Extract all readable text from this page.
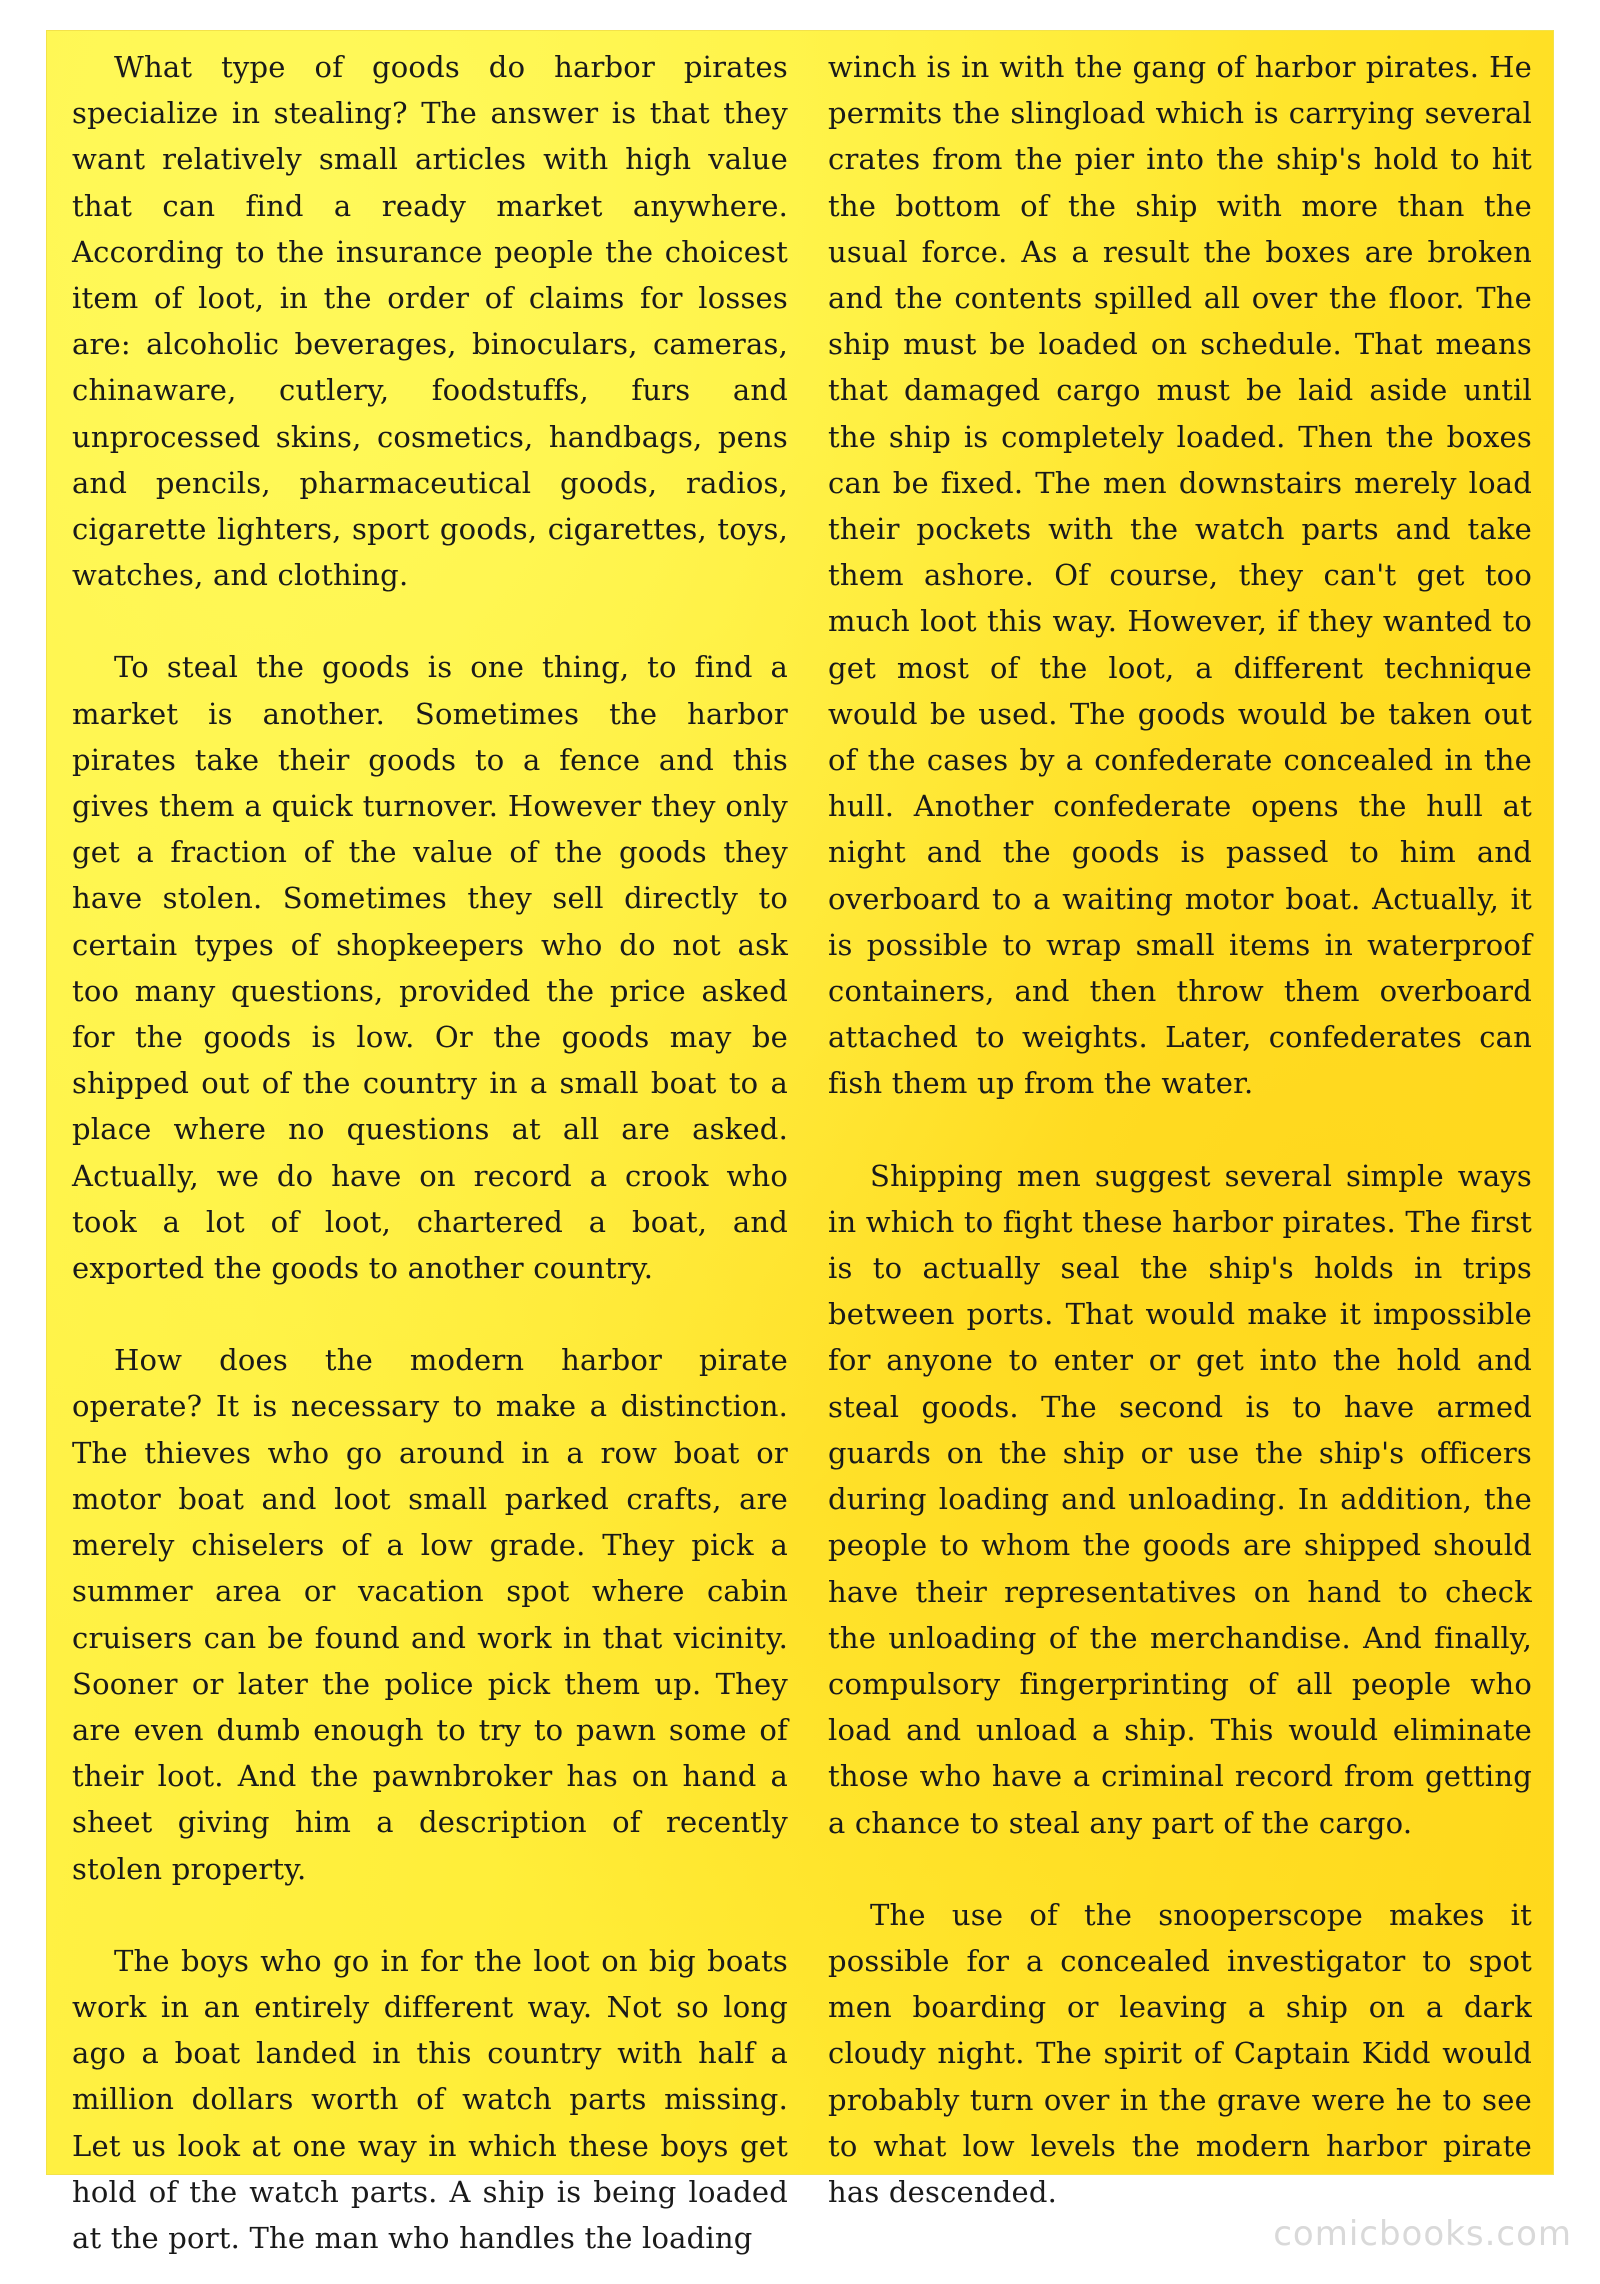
What type of goods do harbor pirates specialize in stealing? The answer is that they want relatively small articles with high value that can find a ready market anywhere. According to the insurance people the choicest item of loot, in the order of claims for losses are: alcoholic beverages, binoculars, cameras, chinaware, cutlery, foodstuffs, furs and unprocessed skins, cosmetics, handbags, pens and pencils, pharmaceutical goods, radios, cigarette lighters, sport goods, cigarettes, toys, watches, and clothing.

To steal the goods is one thing, to find a market is another. Sometimes the harbor pirates take their goods to a fence and this gives them a quick turnover. However they only get a fraction of the value of the goods they have stolen. Sometimes they sell directly to certain types of shopkeepers who do not ask too many questions, provided the price asked for the goods is low. Or the goods may be shipped out of the country in a small boat to a place where no questions at all are asked. Actually, we do have on record a crook who took a lot of loot, chartered a boat, and exported the goods to another country.

How does the modern harbor pirate operate? It is necessary to make a distinction. The thieves who go around in a row boat or motor boat and loot small parked crafts, are merely chiselers of a low grade. They pick a summer area or vacation spot where cabin cruisers can be found and work in that vicinity. Sooner or later the police pick them up. They are even dumb enough to try to pawn some of their loot. And the pawnbroker has on hand a sheet giving him a description of recently stolen property.

The boys who go in for the loot on big boats work in an entirely different way. Not so long ago a boat landed in this country with half a million dollars worth of watch parts missing. Let us look at one way in which these boys get hold of the watch parts. A ship is being loaded at the port. The man who handles the loading

winch is in with the gang of harbor pirates. He permits the slingload which is carrying several crates from the pier into the ship's hold to hit the bottom of the ship with more than the usual force. As a result the boxes are broken and the contents spilled all over the floor. The ship must be loaded on schedule. That means that damaged cargo must be laid aside until the ship is completely loaded. Then the boxes can be fixed. The men downstairs merely load their pockets with the watch parts and take them ashore. Of course, they can't get too much loot this way. However, if they wanted to get most of the loot, a different technique would be used. The goods would be taken out of the cases by a confederate concealed in the hull. Another confederate opens the hull at night and the goods is passed to him and overboard to a waiting motor boat. Actually, it is possible to wrap small items in waterproof containers, and then throw them overboard attached to weights. Later, confederates can fish them up from the water.

Shipping men suggest several simple ways in which to fight these harbor pirates. The first is to actually seal the ship's holds in trips between ports. That would make it impossible for anyone to enter or get into the hold and steal goods. The second is to have armed guards on the ship or use the ship's officers during loading and unloading. In addition, the people to whom the goods are shipped should have their representatives on hand to check the unloading of the merchandise. And finally, compulsory fingerprinting of all people who load and unload a ship. This would eliminate those who have a criminal record from getting a chance to steal any part of the cargo.

The use of the snooperscope makes it possible for a concealed investigator to spot men boarding or leaving a ship on a dark cloudy night. The spirit of Captain Kidd would probably turn over in the grave were he to see to what low levels the modern harbor pirate has descended.

comicbooks.com
